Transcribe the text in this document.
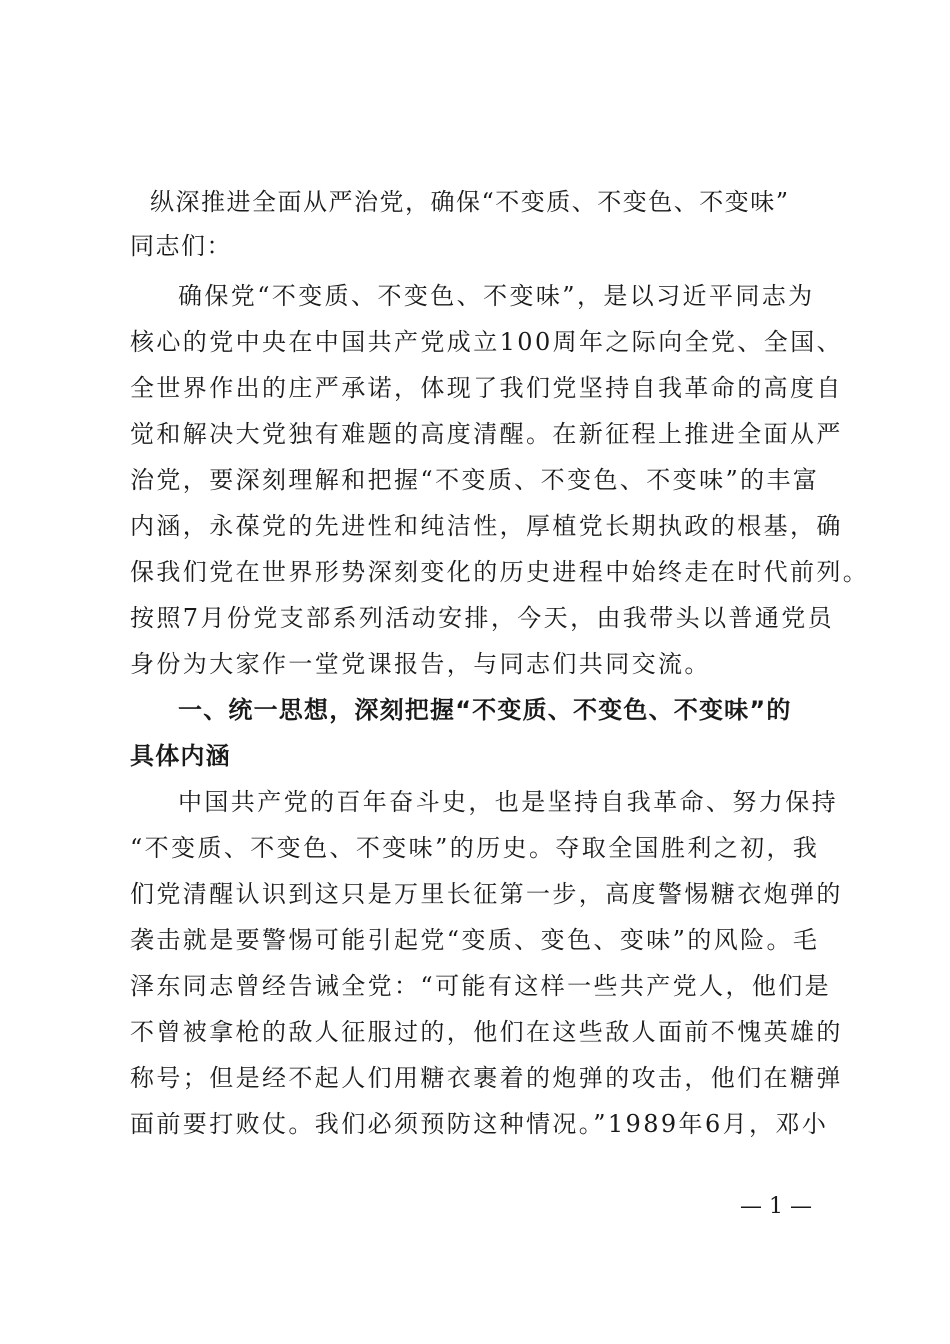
纵深推进全面从严治党，确保“不变质、不变色、不变味”
同志们：
确保党“不变质、不变色、不变味”，是以习近平同志为
核心的党中央在中国共产党成立100周年之际向全党、全国、
全世界作出的庄严承诺，体现了我们党坚持自我革命的高度自
觉和解决大党独有难题的高度清醒。在新征程上推进全面从严
治党，要深刻理解和把握“不变质、不变色、不变味”的丰富
内涵，永葆党的先进性和纯洁性，厚植党长期执政的根基，确
保我们党在世界形势深刻变化的历史进程中始终走在时代前列。
按照7月份党支部系列活动安排，今天，由我带头以普通党员
身份为大家作一堂党课报告，与同志们共同交流。
一、统一思想，深刻把握“不变质、不变色、不变味”的
具体内涵
中国共产党的百年奋斗史，也是坚持自我革命、努力保持
“不变质、不变色、不变味”的历史。夺取全国胜利之初，我
们党清醒认识到这只是万里长征第一步，高度警惕糖衣炮弹的
袭击就是要警惕可能引起党“变质、变色、变味”的风险。毛
泽东同志曾经告诫全党：“可能有这样一些共产党人，他们是
不曾被拿枪的敌人征服过的，他们在这些敌人面前不愧英雄的
称号；但是经不起人们用糖衣裹着的炮弹的攻击，他们在糖弹
面前要打败仗。我们必须预防这种情况。”1989年6月，邓小
— 1 —
